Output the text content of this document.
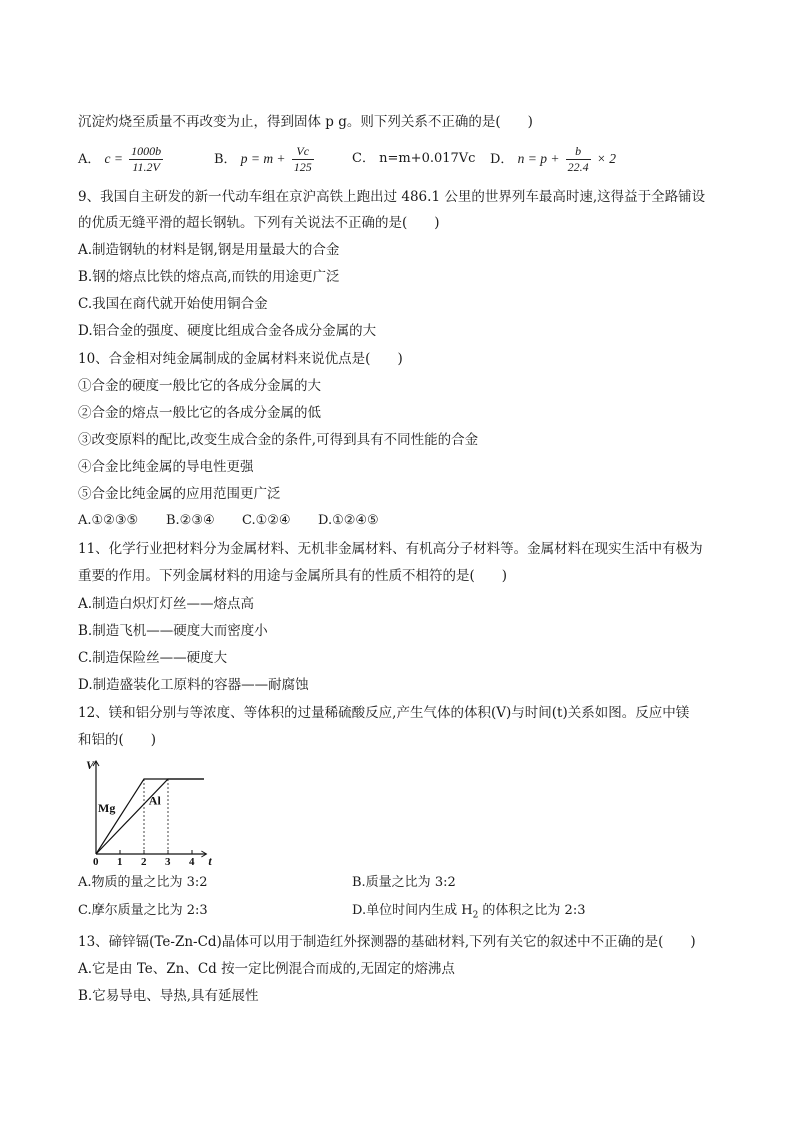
沉淀灼烧至质量不再改变为止，得到固体 p g。则下列关系不正确的是(　　)
A． $c = \frac{1000b}{11.2V}$	B． $p = m + \frac{Vc}{125}$	C． n=m+0.017Vc D． $n = p + \frac{b}{22.4} \times 2$
9、我国自主研发的新一代动车组在京沪高铁上跑出过 486.1 公里的世界列车最高时速,这得益于全路铺设
的优质无缝平滑的超长钢轨。下列有关说法不正确的是(　　)
A.制造钢轨的材料是钢,钢是用量最大的合金
B.钢的熔点比铁的熔点高,而铁的用途更广泛
C.我国在商代就开始使用铜合金
D.铝合金的强度、硬度比组成合金各成分金属的大
10、合金相对纯金属制成的金属材料来说优点是(　　)
①合金的硬度一般比它的各成分金属的大
②合金的熔点一般比它的各成分金属的低
③改变原料的配比,改变生成合金的条件,可得到具有不同性能的合金
④合金比纯金属的导电性更强
⑤合金比纯金属的应用范围更广泛
A.①②③⑤ B.②③④ C.①②④ D.①②④⑤
11、化学行业把材料分为金属材料、无机非金属材料、有机高分子材料等。金属材料在现实生活中有极为
重要的作用。下列金属材料的用途与金属所具有的性质不相符的是(　　)
A.制造白炽灯灯丝——熔点高
B.制造飞机——硬度大而密度小
C.制造保险丝——硬度大
D.制造盛装化工原料的容器——耐腐蚀
12、镁和铝分别与等浓度、等体积的过量稀硫酸反应,产生气体的体积(V)与时间(t)关系如图。反应中镁
和铝的(　　)
0 1 2 3 4 t
V
Mg
Al
A.物质的量之比为 3:2	B.质量之比为 3:2
C.摩尔质量之比为 2:3	D.单位时间内生成 $H_2$ 的体积之比为 2:3
13、碲锌镉(Te-Zn-Cd)晶体可以用于制造红外探测器的基础材料,下列有关它的叙述中不正确的是(　　)
A.它是由 Te、Zn、Cd 按一定比例混合而成的,无固定的熔沸点
B.它易导电、导热,具有延展性
